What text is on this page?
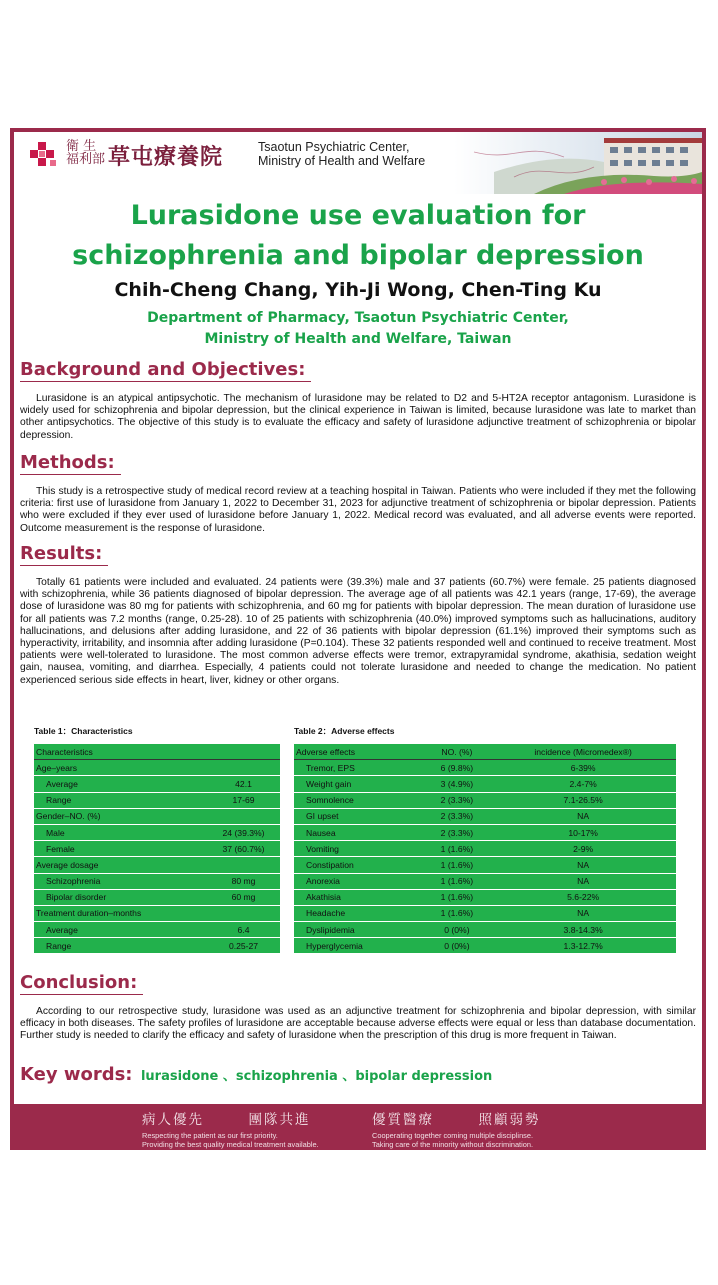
衛 生
福利部 草屯療養院	Tsaotun Psychiatric Center,
Ministry of Health and Welfare
Lurasidone use evaluation for
schizophrenia and bipolar depression
Chih-Cheng Chang, Yih-Ji Wong, Chen-Ting Ku
Department of Pharmacy, Tsaotun Psychiatric Center,
Ministry of Health and Welfare, Taiwan
Background and Objectives:

Lurasidone is an atypical antipsychotic. The mechanism of lurasidone may be related to D2 and 5-HT2A receptor antagonism. Lurasidone is widely used for schizophrenia and bipolar depression, but the clinical experience in Taiwan is limited, because lurasidone was late to market than other antipsychotics. The objective of this study is to evaluate the efficacy and safety of lurasidone adjunctive treatment of schizophrenia or bipolar depression.

Methods:

This study is a retrospective study of medical record review at a teaching hospital in Taiwan. Patients who were included if they met the following criteria: first use of lurasidone from January 1, 2022 to December 31, 2023 for adjunctive treatment of schizophrenia or bipolar depression. Patients who were excluded if they ever used of lurasidone before January 1, 2022. Medical record was evaluated, and all adverse events were reported. Outcome measurement is the response of lurasidone.

Results:

Totally 61 patients were included and evaluated. 24 patients were (39.3%) male and 37 patients (60.7%) were female. 25 patients diagnosed with schizophrenia, while 36 patients diagnosed of bipolar depression. The average age of all patients was 42.1 years (range, 17-69), the average dose of lurasidone was 80 mg for patients with schizophrenia, and 60 mg for patients with bipolar depression. The mean duration of lurasidone use for all patients was 7.2 months (range, 0.25-28). 10 of 25 patients with schizophrenia (40.0%) improved symptoms such as hallucinations, auditory hallucinations, and delusions after adding lurasidone, and 22 of 36 patients with bipolar depression (61.1%) improved their symptoms such as hyperactivity, irritability, and insomnia after adding lurasidone (P=0.104). These 32 patients responded well and continued to receive treatment. Most patients were well-tolerated to lurasidone. The most common adverse effects were tremor, extrapyramidal syndrome, akathisia, sedation weight gain, nausea, vomiting, and diarrhea. Especially, 4 patients could not tolerate lurasidone and needed to change the medication. No patient experienced serious side effects in heart, liver, kidney or other organs.

Table 1：Characteristics
Characteristics	
Age–years	
Average	42.1
Range	17-69
Gender–NO. (%)	
Male	24 (39.3%)
Female	37 (60.7%)
Average dosage	
Schizophrenia	80 mg
Bipolar disorder	60 mg
Treatment duration–months	
Average	6.4
Range	0.25-27
Table 2：Adverse effects
Adverse effects	NO. (%)	incidence (Micromedex®)
Tremor, EPS	6 (9.8%)	6-39%
Weight gain	3 (4.9%)	2.4-7%
Somnolence	2 (3.3%)	7.1-26.5%
GI upset	2 (3.3%)	NA
Nausea	2 (3.3%)	10-17%
Vomiting	1 (1.6%)	2-9%
Constipation	1 (1.6%)	NA
Anorexia	1 (1.6%)	NA
Akathisia	1 (1.6%)	5.6-22%
Headache	1 (1.6%)	NA
Dyslipidemia	0 (0%)	3.8-14.3%
Hyperglycemia	0 (0%)	1.3-12.7%
Conclusion:

According to our retrospective study, lurasidone was used as an adjunctive treatment for schizophrenia and bipolar depression, with similar efficacy in both diseases. The safety profiles of lurasidone are acceptable because adverse effects were equal or less than database documentation. Further study is needed to clarify the efficacy and safety of lurasidone when the prescription of this drug is more frequent in Taiwan.

Key words: lurasidone 、schizophrenia 、bipolar depression
病人優先	團隊共進
Respecting the patient as our first priority.
Providing the best quality medical treatment available.
優質醫療	照顧弱勢
Cooperating together coming multiple disciplinse.
Taking care of the minority without discrimination.
